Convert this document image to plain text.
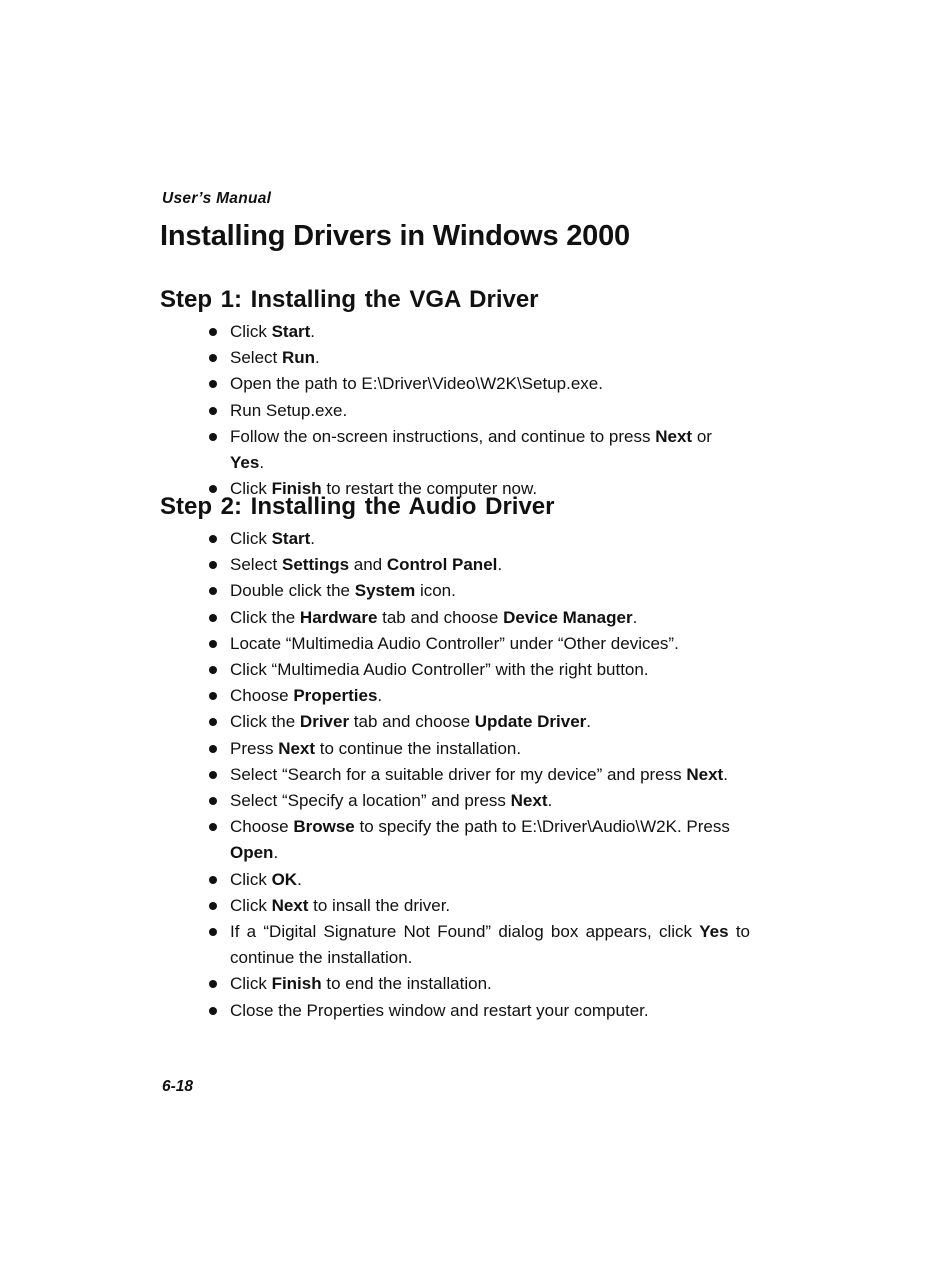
User’s Manual
Installing Drivers in Windows 2000
Step 1: Installing the VGA Driver
Click Start.
Select Run.
Open the path to E:\Driver\Video\W2K\Setup.exe.
Run Setup.exe.
Follow the on-screen instructions, and continue to press Next or Yes.
Click Finish to restart the computer now.
Step 2: Installing the Audio Driver
Click Start.
Select Settings and Control Panel.
Double click the System icon.
Click the Hardware tab and choose Device Manager.
Locate “Multimedia Audio Controller” under “Other devices”.
Click “Multimedia Audio Controller” with the right button.
Choose Properties.
Click the Driver tab and choose Update Driver.
Press Next to continue the installation.
Select “Search for a suitable driver for my device” and press Next.
Select “Specify a location” and press Next.
Choose Browse to specify the path to E:\Driver\Audio\W2K. Press Open.
Click OK.
Click Next to insall the driver.
If a “Digital Signature Not Found” dialog box appears, click Yes to continue the installation.
Click Finish to end the installation.
Close the Properties window and restart your computer.
6-18
